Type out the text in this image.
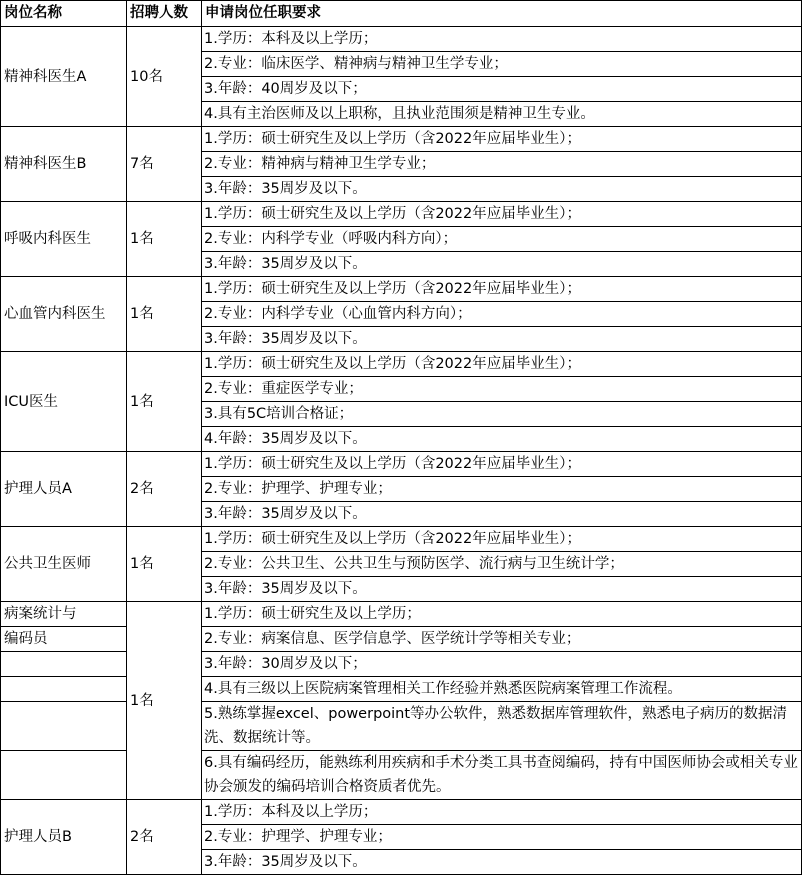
岗位名称	招聘人数	申请岗位任职要求
精神科医生A	10名	1.学历：本科及以上学历；
		2.专业：临床医学、精神病与精神卫生学专业；
		3.年龄：40周岁及以下；
		4.具有主治医师及以上职称，且执业范围须是精神卫生专业。
精神科医生B	7名	1.学历：硕士研究生及以上学历（含2022年应届毕业生）；
		2.专业：精神病与精神卫生学专业；
		3.年龄：35周岁及以下。
呼吸内科医生	1名	1.学历：硕士研究生及以上学历（含2022年应届毕业生）；
		2.专业：内科学专业（呼吸内科方向）；
		3.年龄：35周岁及以下。
心血管内科医生	1名	1.学历：硕士研究生及以上学历（含2022年应届毕业生）；
		2.专业：内科学专业（心血管内科方向）；
		3.年龄：35周岁及以下。
ICU医生	1名	1.学历：硕士研究生及以上学历（含2022年应届毕业生）；
		2.专业：重症医学专业；
		3.具有5C培训合格证；
		4.年龄：35周岁及以下。
护理人员A	2名	1.学历：硕士研究生及以上学历（含2022年应届毕业生）；
		2.专业：护理学、护理专业；
		3.年龄：35周岁及以下。
公共卫生医师	1名	1.学历：硕士研究生及以上学历（含2022年应届毕业生）；
		2.专业：公共卫生、公共卫生与预防医学、流行病与卫生统计学；
		3.年龄：35周岁及以下。
病案统计与	1名	1.学历：硕士研究生及以上学历；
编码员		2.专业：病案信息、医学信息学、医学统计学等相关专业；
		3.年龄：30周岁及以下；
		4.具有三级以上医院病案管理相关工作经验并熟悉医院病案管理工作流程。
		5.熟练掌握excel、powerpoint等办公软件，熟悉数据库管理软件，熟悉电子病历的数据清洗、数据统计等。
		6.具有编码经历，能熟练利用疾病和手术分类工具书查阅编码，持有中国医师协会或相关专业协会颁发的编码培训合格资质者优先。
护理人员B	2名	1.学历：本科及以上学历；
		2.专业：护理学、护理专业；
		3.年龄：35周岁及以下。
